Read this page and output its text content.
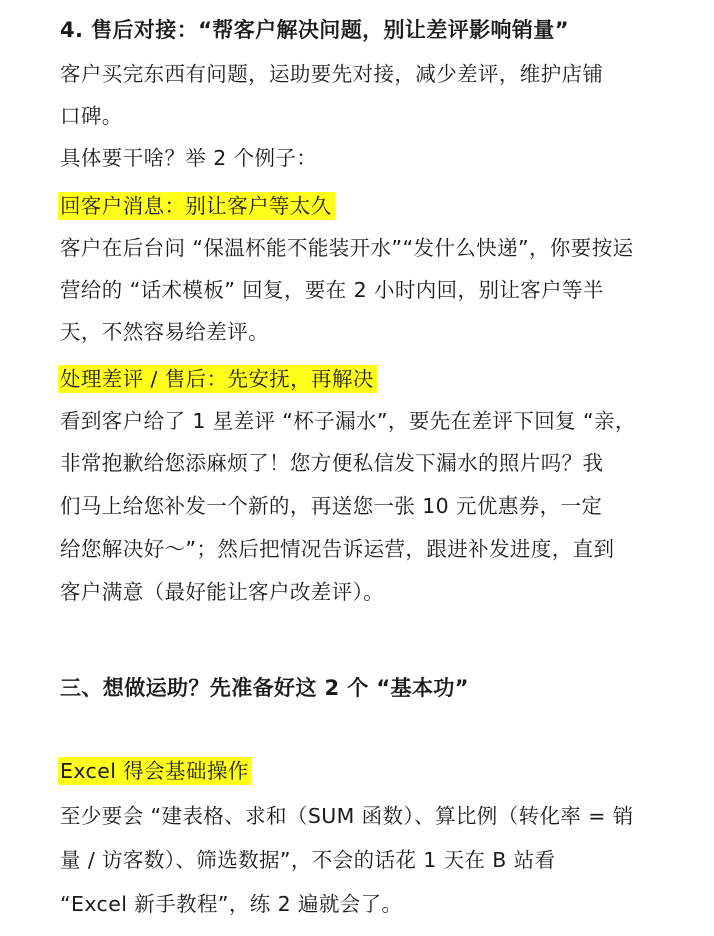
4. 售后对接：“帮客户解决问题，别让差评影响销量”
客户买完东西有问题，运助要先对接，减少差评，维护店铺
口碑。
具体要干啥？举 2 个例子：
回客户消息：别让客户等太久
客户在后台问 “保温杯能不能装开水”“发什么快递”，你要按运
营给的 “话术模板” 回复，要在 2 小时内回，别让客户等半
天，不然容易给差评。
处理差评 / 售后：先安抚，再解决
看到客户给了 1 星差评 “杯子漏水”，要先在差评下回复 “亲，
非常抱歉给您添麻烦了！您方便私信发下漏水的照片吗？我
们马上给您补发一个新的，再送您一张 10 元优惠券，一定
给您解决好～”；然后把情况告诉运营，跟进补发进度，直到
客户满意（最好能让客户改差评）。
三、想做运助？先准备好这 2 个 “基本功”
Excel 得会基础操作
至少要会 “建表格、求和（SUM 函数）、算比例（转化率 = 销
量 / 访客数）、筛选数据”，不会的话花 1 天在 B 站看
“Excel 新手教程”，练 2 遍就会了。
